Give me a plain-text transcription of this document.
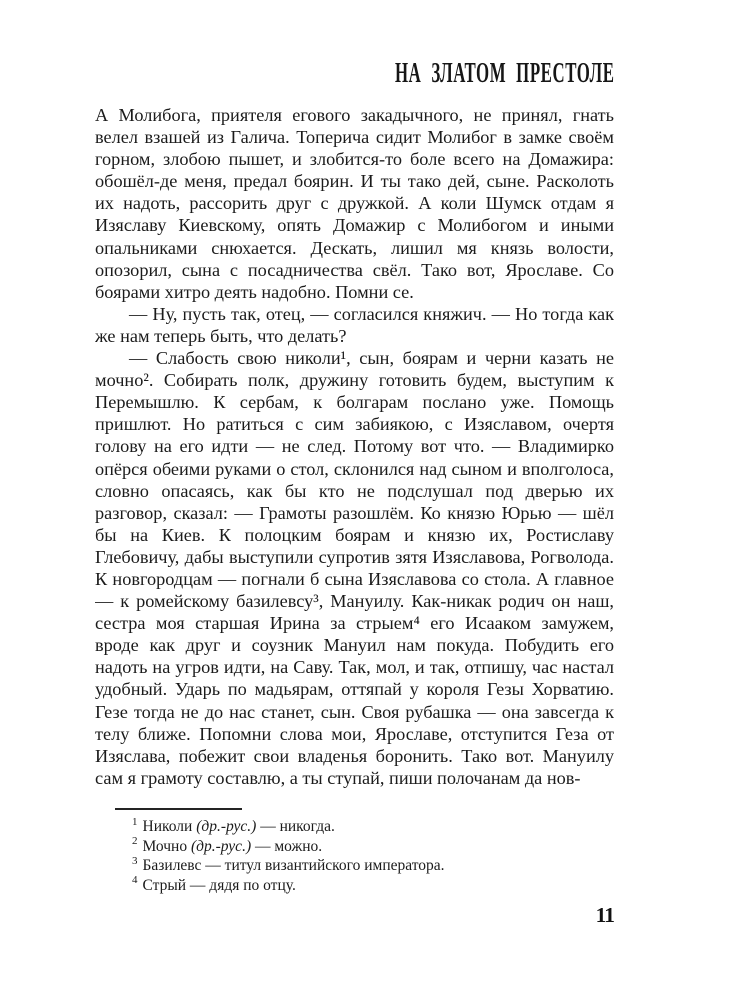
НА ЗЛАТОМ ПРЕСТОЛЕ

А Молибога, приятеля егового закадычного, не принял, гнать велел взашей из Галича. Топерича сидит Молибог в замке своём горном, злобою пышет, и злобится-то боле всего на Домажира: обошёл-де меня, предал боярин. И ты тако дей, сыне. Расколоть их надоть, рассорить друг с дружкой. А коли Шумск отдам я Изяславу Киевскому, опять Домажир с Молибогом и иными опальниками снюхается. Дескать, лишил мя князь волости, опозорил, сына с посадничества свёл. Тако вот, Ярославе. Со боярами хитро деять надобно. Помни се.

— Ну, пусть так, отец, — согласился княжич. — Но тогда как же нам теперь быть, что делать?

— Слабость свою николи¹, сын, боярам и черни казать не мочно². Собирать полк, дружину готовить будем, выступим к Перемышлю. К сербам, к болгарам послано уже. Помощь пришлют. Но ратиться с сим забиякою, с Изяславом, очертя голову на его идти — не след. Потому вот что. — Владимирко опёрся обеими руками о стол, склонился над сыном и вполголоса, словно опасаясь, как бы кто не подслушал под дверью их разговор, сказал: — Грамоты разошлём. Ко князю Юрью — шёл бы на Киев. К полоцким боярам и князю их, Ростиславу Глебовичу, дабы выступили супротив зятя Изяславова, Рогволода. К новгородцам — погнали б сына Изяславова со стола. А главное — к ромейскому базилевсу³, Мануилу. Как-никак родич он наш, сестра моя старшая Ирина за стрыем⁴ его Исааком замужем, вроде как друг и соузник Мануил нам покуда. Побудить его надоть на угров идти, на Саву. Так, мол, и так, отпишу, час настал удобный. Ударь по мадьярам, оттяпай у короля Гезы Хорватию. Гезе тогда не до нас станет, сын. Своя рубашка — она завсегда к телу ближе. Попомни слова мои, Ярославе, отступится Геза от Изяслава, побежит свои владенья боронить. Тако вот. Мануилу сам я грамоту составлю, а ты ступай, пиши полочанам да нов-

$^1$ Николи (др.-рус.) — никогда.
$^2$ Мочно (др.-рус.) — можно.
$^3$ Базилевс — титул византийского императора.
$^4$ Стрый — дядя по отцу.
11
